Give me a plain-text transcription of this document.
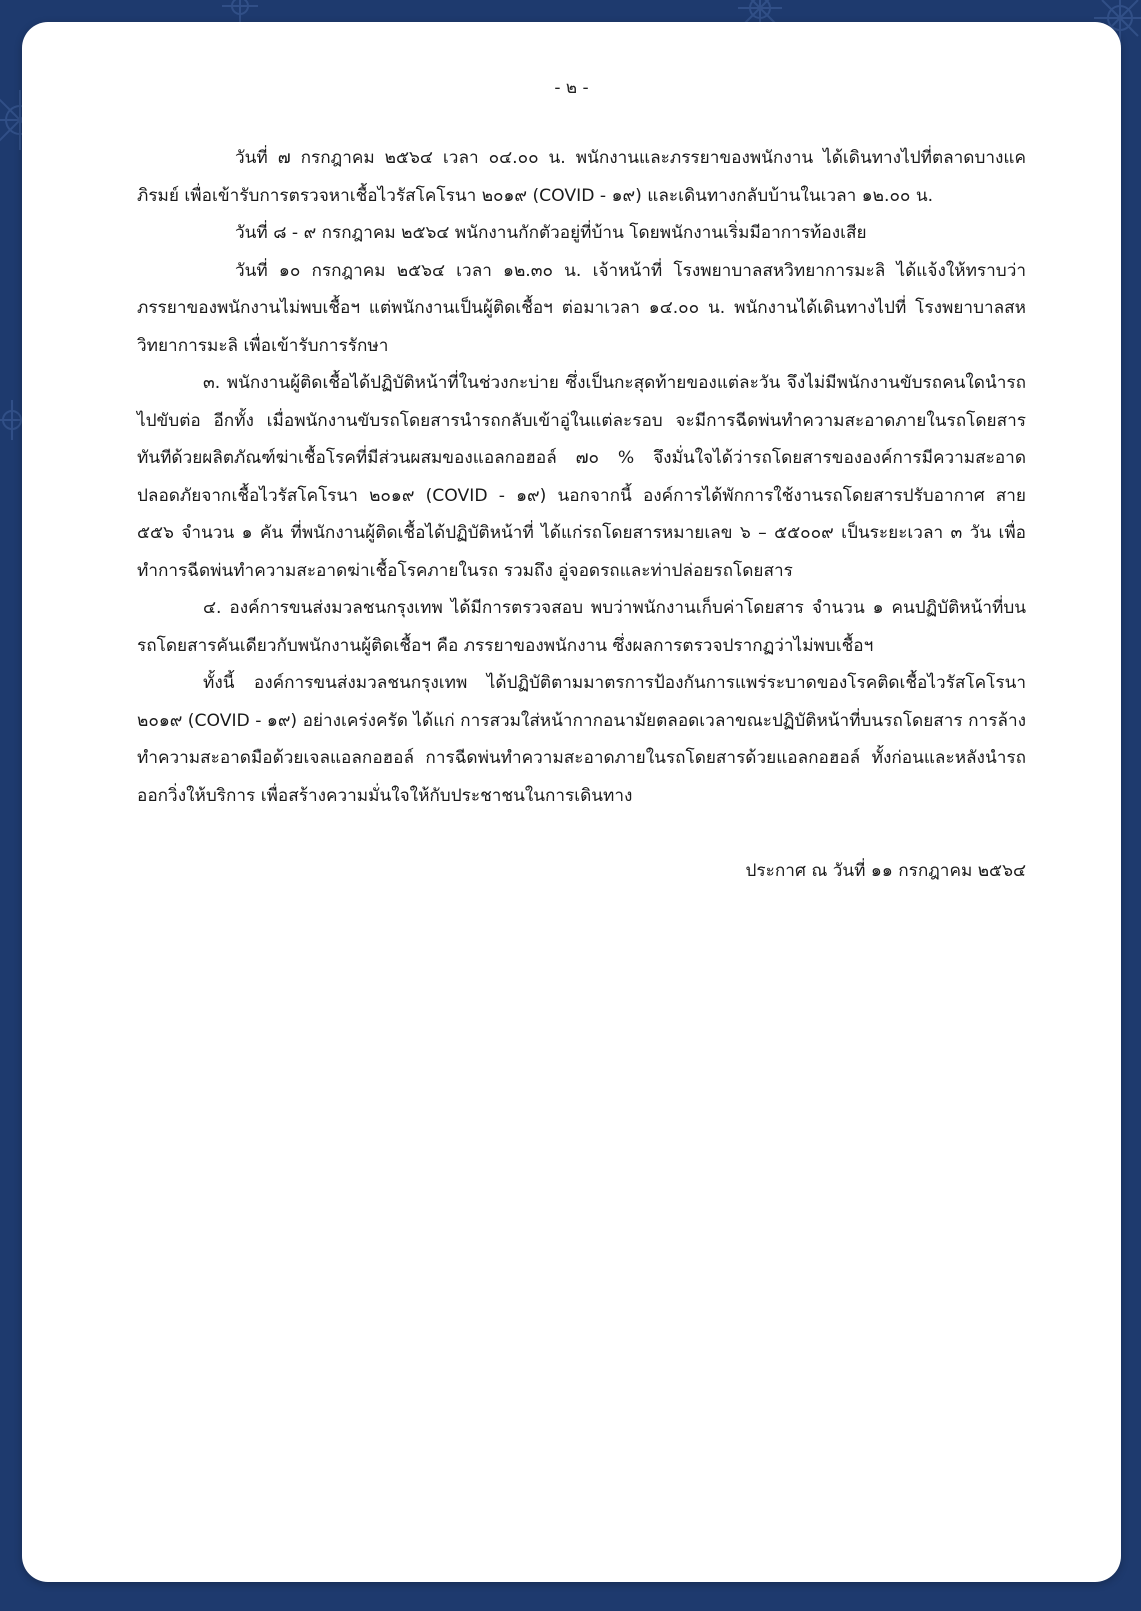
- ๒ -

วันที่ ๗ กรกฎาคม ๒๕๖๔ เวลา ๐๔.๐๐ น. พนักงานและภรรยาของพนักงาน ได้เดินทางไปที่ตลาดบางแคภิรมย์ เพื่อเข้ารับการตรวจหาเชื้อไวรัสโคโรนา ๒๐๑๙ (COVID - ๑๙) และเดินทางกลับบ้านในเวลา ๑๒.๐๐ น.

วันที่ ๘ - ๙ กรกฎาคม ๒๕๖๔ พนักงานกักตัวอยู่ที่บ้าน โดยพนักงานเริ่มมีอาการท้องเสีย

วันที่ ๑๐ กรกฎาคม ๒๕๖๔ เวลา ๑๒.๓๐ น. เจ้าหน้าที่ โรงพยาบาลสหวิทยาการมะลิ ได้แจ้งให้ทราบว่า ภรรยาของพนักงานไม่พบเชื้อฯ แต่พนักงานเป็นผู้ติดเชื้อฯ ต่อมาเวลา ๑๔.๐๐ น. พนักงานได้เดินทางไปที่ โรงพยาบาลสหวิทยาการมะลิ เพื่อเข้ารับการรักษา

๓. พนักงานผู้ติดเชื้อได้ปฏิบัติหน้าที่ในช่วงกะบ่าย ซึ่งเป็นกะสุดท้ายของแต่ละวัน จึงไม่มีพนักงานขับรถคนใดนำรถไปขับต่อ อีกทั้ง เมื่อพนักงานขับรถโดยสารนำรถกลับเข้าอู่ในแต่ละรอบ จะมีการฉีดพ่นทำความสะอาดภายในรถโดยสารทันทีด้วยผลิตภัณฑ์ฆ่าเชื้อโรคที่มีส่วนผสมของแอลกอฮอล์ ๗๐ % จึงมั่นใจได้ว่ารถโดยสารขององค์การมีความสะอาด ปลอดภัยจากเชื้อไวรัสโคโรนา ๒๐๑๙ (COVID - ๑๙) นอกจากนี้ องค์การได้พักการใช้งานรถโดยสารปรับอากาศ สาย ๕๕๖ จำนวน ๑ คัน ที่พนักงานผู้ติดเชื้อได้ปฏิบัติหน้าที่ ได้แก่รถโดยสารหมายเลข ๖ – ๕๕๐๐๙ เป็นระยะเวลา ๓ วัน เพื่อทำการฉีดพ่นทำความสะอาดฆ่าเชื้อโรคภายในรถ รวมถึง อู่จอดรถและท่าปล่อยรถโดยสาร

๔. องค์การขนส่งมวลชนกรุงเทพ ได้มีการตรวจสอบ พบว่าพนักงานเก็บค่าโดยสาร จำนวน ๑ คนปฏิบัติหน้าที่บนรถโดยสารคันเดียวกับพนักงานผู้ติดเชื้อฯ คือ ภรรยาของพนักงาน ซึ่งผลการตรวจปรากฏว่าไม่พบเชื้อฯ

ทั้งนี้ องค์การขนส่งมวลชนกรุงเทพ ได้ปฏิบัติตามมาตรการป้องกันการแพร่ระบาดของโรคติดเชื้อไวรัสโคโรนา ๒๐๑๙ (COVID - ๑๙) อย่างเคร่งครัด ได้แก่ การสวมใส่หน้ากากอนามัยตลอดเวลาขณะปฏิบัติหน้าที่บนรถโดยสาร การล้างทำความสะอาดมือด้วยเจลแอลกอฮอล์ การฉีดพ่นทำความสะอาดภายในรถโดยสารด้วยแอลกอฮอล์ ทั้งก่อนและหลังนำรถออกวิ่งให้บริการ เพื่อสร้างความมั่นใจให้กับประชาชนในการเดินทาง

ประกาศ ณ วันที่ ๑๑ กรกฎาคม ๒๕๖๔
